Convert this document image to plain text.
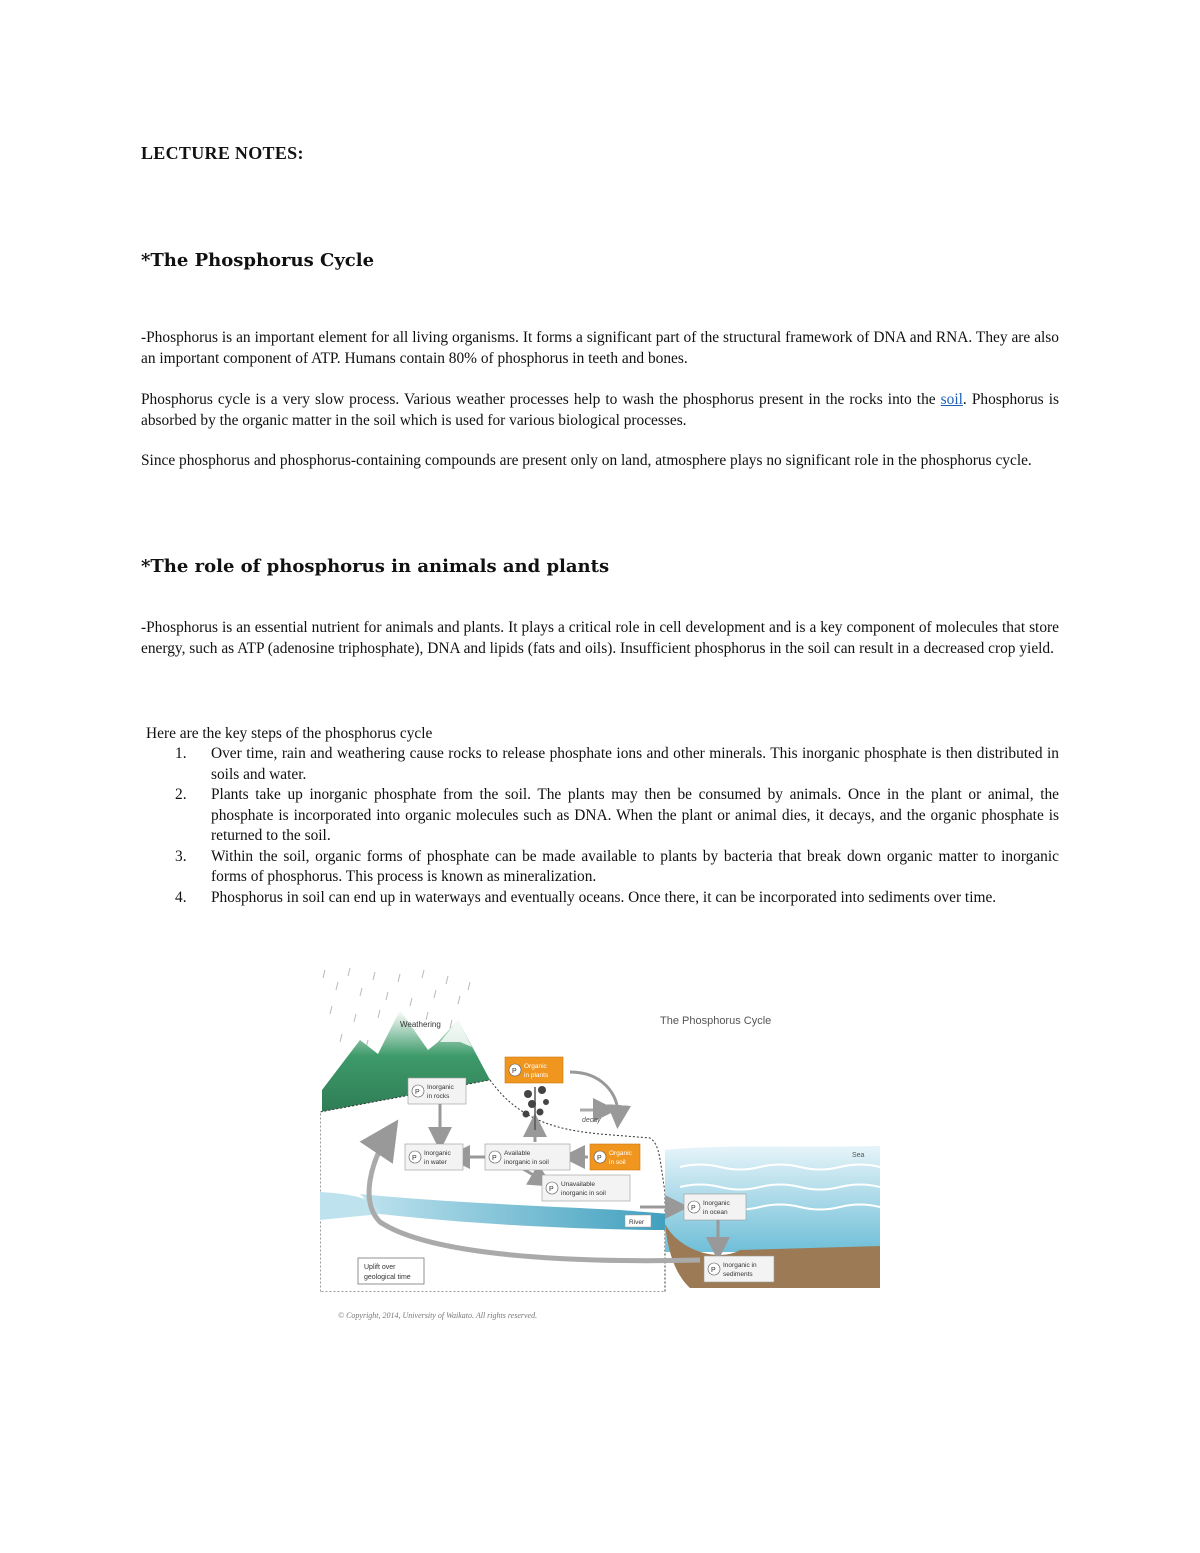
LECTURE NOTES:
*The Phosphorus Cycle

-Phosphorus is an important element for all living organisms. It forms a significant part of the structural framework of DNA and RNA. They are also an important component of ATP. Humans contain 80% of phosphorus in teeth and bones.

Phosphorus cycle is a very slow process. Various weather processes help to wash the phosphorus present in the rocks into the soil. Phosphorus is absorbed by the organic matter in the soil which is used for various biological processes.

Since phosphorus and phosphorus-containing compounds are present only on land, atmosphere plays no significant role in the phosphorus cycle.

*The role of phosphorus in animals and plants

-Phosphorus is an essential nutrient for animals and plants. It plays a critical role in cell development and is a key component of molecules that store energy, such as ATP (adenosine triphosphate), DNA and lipids (fats and oils). Insufficient phosphorus in the soil can result in a decreased crop yield.

Here are the key steps of the phosphorus cycle
1. Over time, rain and weathering cause rocks to release phosphate ions and other minerals. This inorganic phosphate is then distributed in soils and water.
2. Plants take up inorganic phosphate from the soil. The plants may then be consumed by animals. Once in the plant or animal, the phosphate is incorporated into organic molecules such as DNA. When the plant or animal dies, it decays, and the organic phosphate is returned to the soil.
3. Within the soil, organic forms of phosphate can be made available to plants by bacteria that break down organic matter to inorganic forms of phosphorus. This process is known as mineralization.
4. Phosphorus in soil can end up in waterways and eventually oceans. Once there, it can be incorporated into sediments over time.
Weathering	The Phosphorus Cycle
decay
Sea
River
Uplift over
geological time
P
Organic
in plants
P
Inorganic
in rocks
P
Inorganic
in water
P
Available
inorganic in soil
P
Organic
in soil
P
Unavailable
inorganic in soil
P
Inorganic
in ocean
P
Inorganic in
sediments
© Copyright, 2014, University of Waikato. All rights reserved.
